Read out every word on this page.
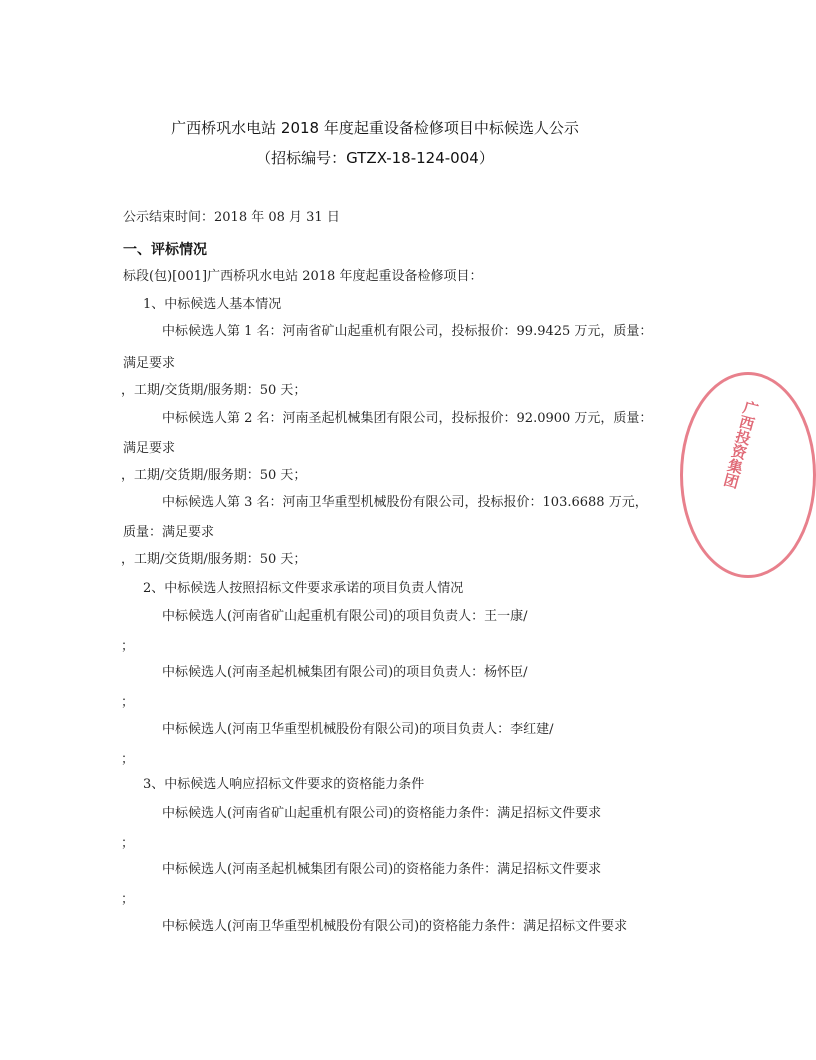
广西桥巩水电站 2018 年度起重设备检修项目中标候选人公示
（招标编号：GTZX-18-124-004）
公示结束时间：2018 年 08 月 31 日
一、评标情况
标段(包)[001]广西桥巩水电站 2018 年度起重设备检修项目：
1、中标候选人基本情况
中标候选人第 1 名：河南省矿山起重机有限公司，投标报价：99.9425 万元，质量：
满足要求
，工期/交货期/服务期：50 天；
中标候选人第 2 名：河南圣起机械集团有限公司，投标报价：92.0900 万元，质量：
满足要求
，工期/交货期/服务期：50 天；
中标候选人第 3 名：河南卫华重型机械股份有限公司，投标报价：103.6688 万元，
质量：满足要求
，工期/交货期/服务期：50 天；
2、中标候选人按照招标文件要求承诺的项目负责人情况
中标候选人(河南省矿山起重机有限公司)的项目负责人：王一康/
；
中标候选人(河南圣起机械集团有限公司)的项目负责人：杨怀臣/
；
中标候选人(河南卫华重型机械股份有限公司)的项目负责人：李红建/
；
3、中标候选人响应招标文件要求的资格能力条件
中标候选人(河南省矿山起重机有限公司)的资格能力条件：满足招标文件要求
；
中标候选人(河南圣起机械集团有限公司)的资格能力条件：满足招标文件要求
；
中标候选人(河南卫华重型机械股份有限公司)的资格能力条件：满足招标文件要求
广西投资集团
